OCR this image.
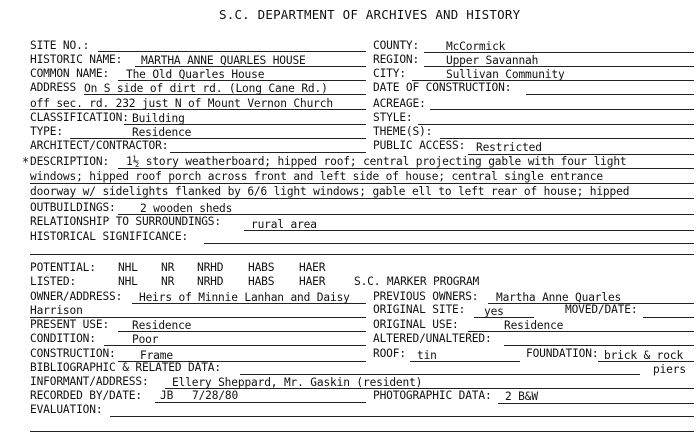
S.C. DEPARTMENT OF ARCHIVES AND HISTORY
SITE NO.:	COUNTY: McCormick
HISTORIC NAME: MARTHA ANNE QUARLES HOUSE	REGION: Upper Savannah
COMMON NAME: The Old Quarles House	CITY:	Sullivan Community
ADDRESS On S side of dirt rd. (Long Cane Rd.)	DATE OF CONSTRUCTION:
off sec. rd. 232 just N of Mount Vernon Church	ACREAGE:
CLASSIFICATION: Building	STYLE:
TYPE:	Residence	THEME(S):
ARCHITECT/CONTRACTOR:	PUBLIC ACCESS: Restricted
* DESCRIPTION: 1½ story weatherboard; hipped roof; central projecting gable with four light
windows; hipped roof porch across front and left side of house; central single entrance
doorway w/ sidelights flanked by 6/6 light windows; gable ell to left rear of house; hipped
OUTBUILDINGS: 2 wooden sheds
RELATIONSHIP TO SURROUNDINGS:	rural area
HISTORICAL SIGNIFICANCE:
POTENTIAL: NHL NR NRHD HABS HAER
LISTED:	NHL NR NRHD HABS HAER	S.C. MARKER PROGRAM
OWNER/ADDRESS: Heirs of Minnie Lanhan and Daisy PREVIOUS OWNERS: Martha Anne Quarles
Harrison	ORIGINAL SITE: yes	MOVED/DATE:
PRESENT USE: Residence	ORIGINAL USE:	Residence
CONDITION:	Poor	ALTERED/UNALTERED:
CONSTRUCTION: Frame	ROOF: tin	FOUNDATION: brick & rock
piers
BIBLIOGRAPHIC & RELATED DATA:
INFORMANT/ADDRESS: Ellery Sheppard, Mr. Gaskin (resident)
RECORDED BY/DATE: JB 7/28/80	PHOTOGRAPHIC DATA: 2 B&W
EVALUATION:
